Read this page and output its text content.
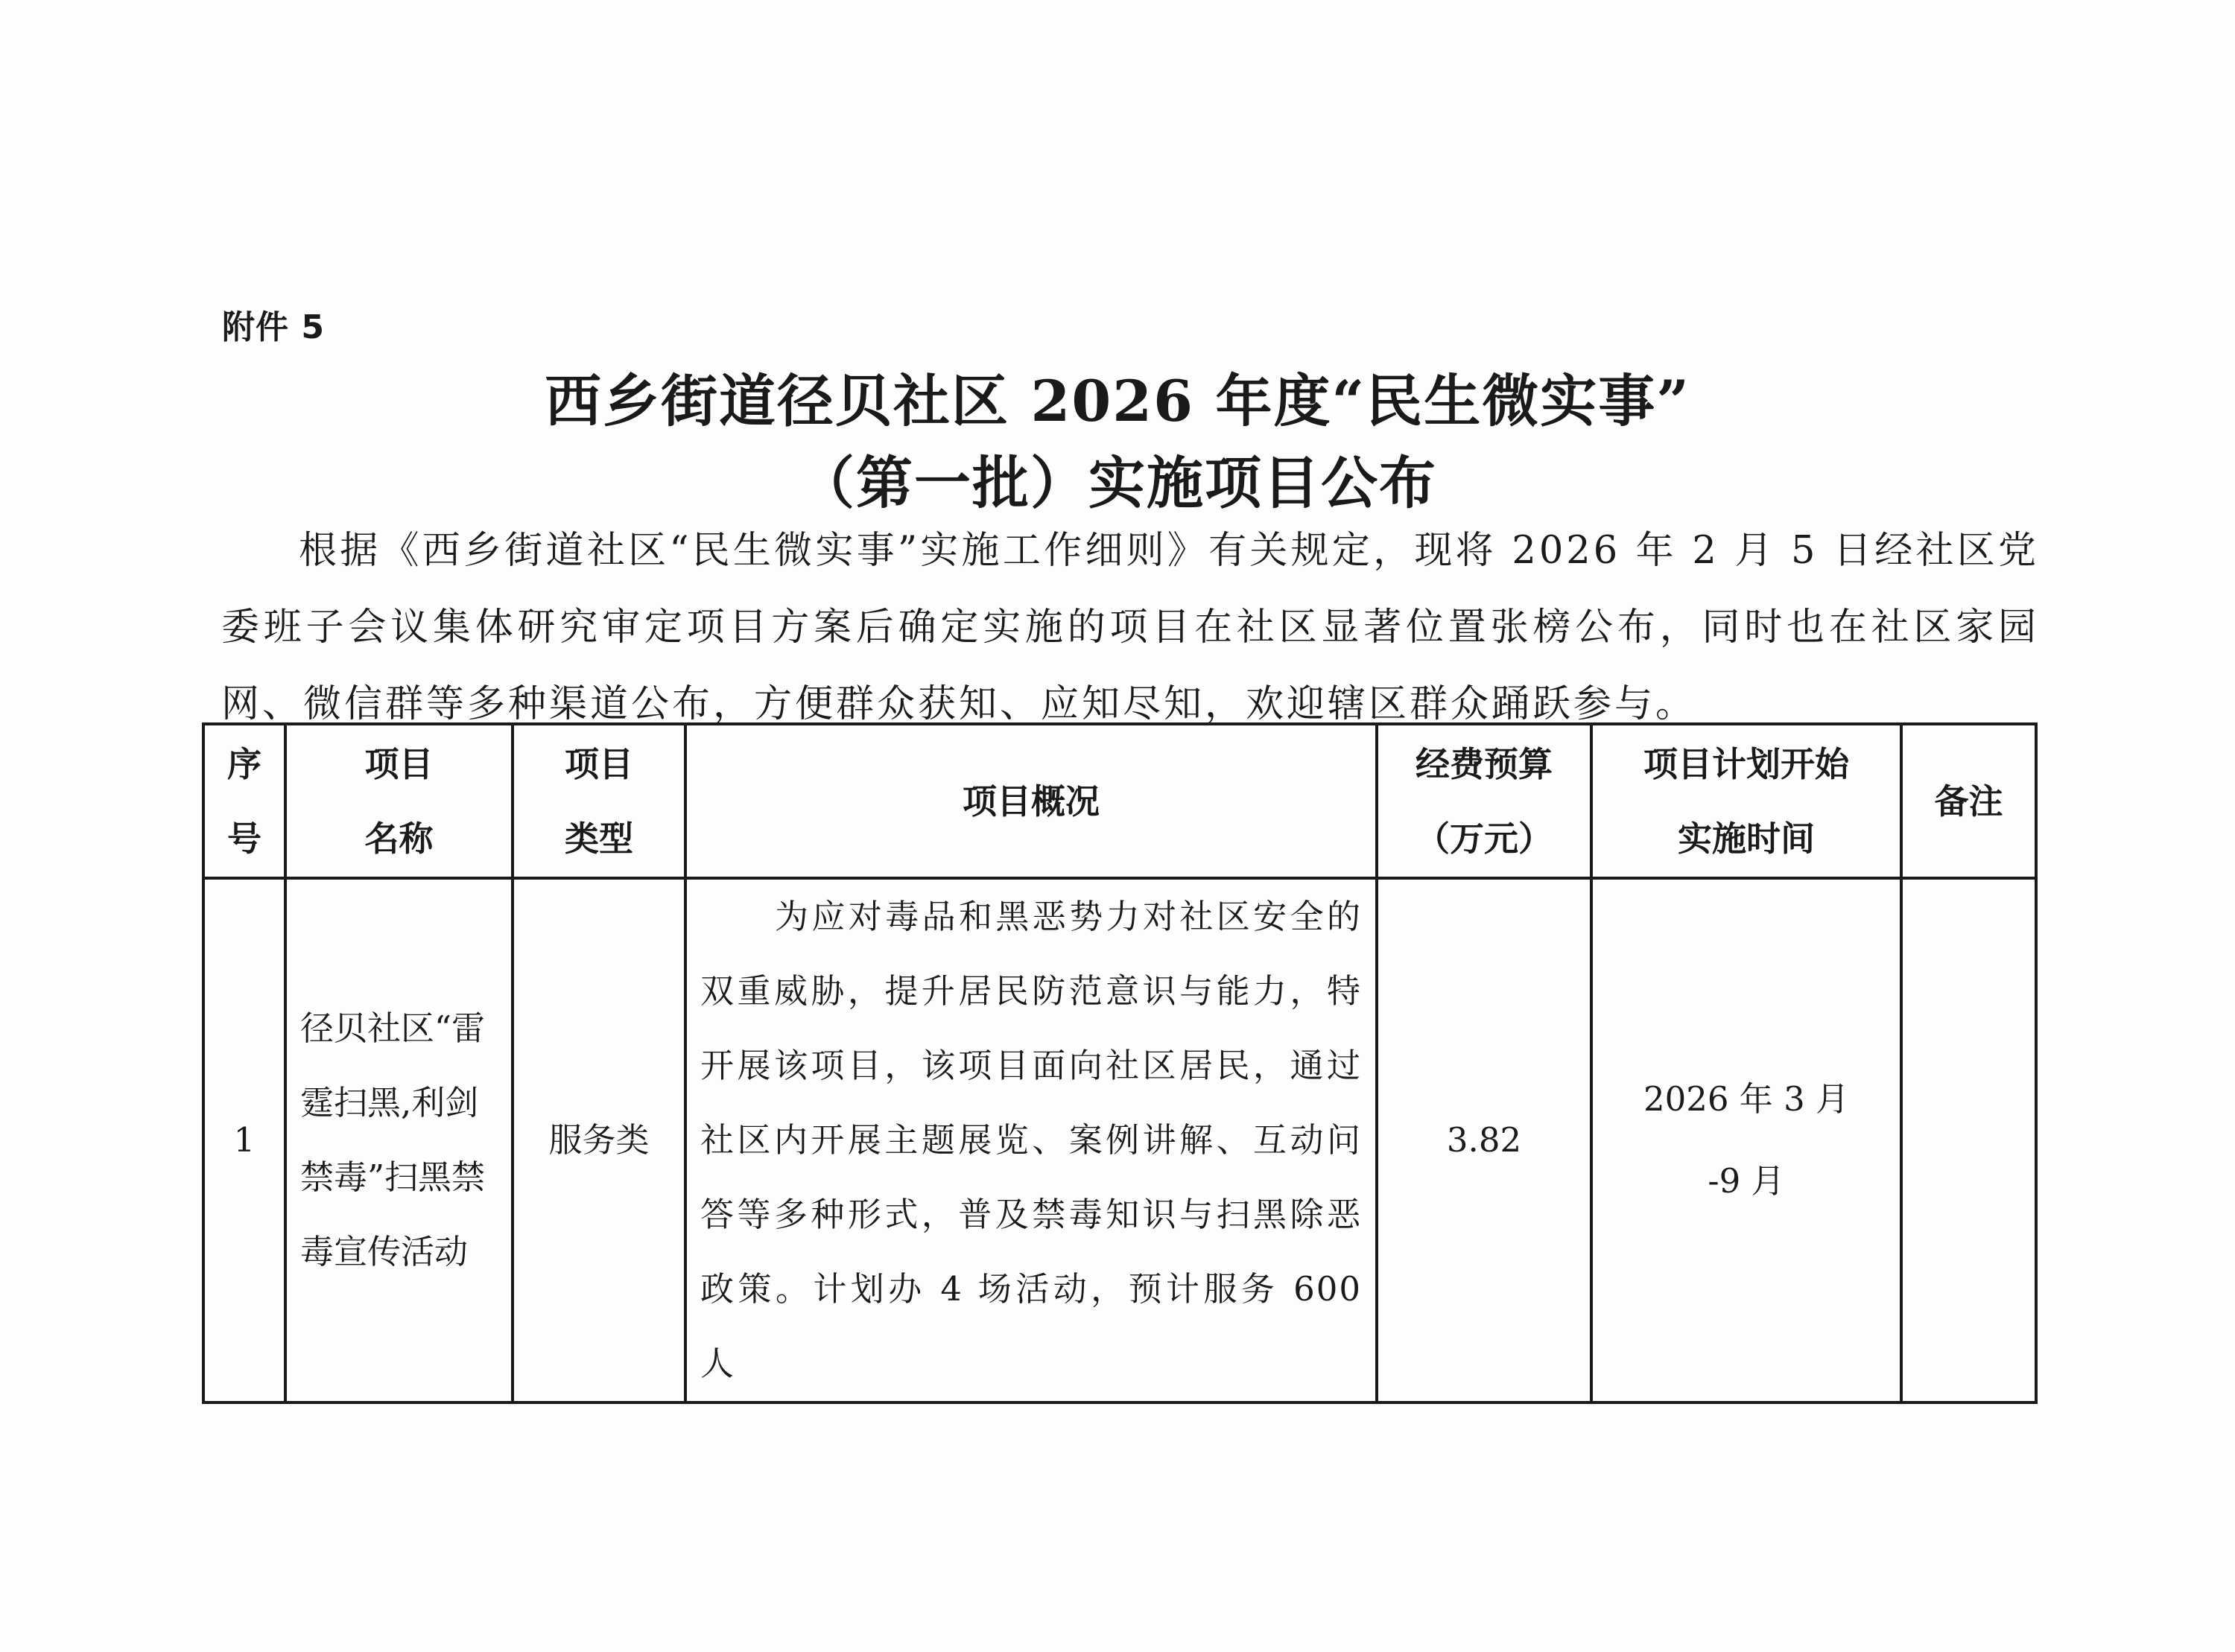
附件 5
西乡街道径贝社区 2026 年度“民生微实事”
（第一批）实施项目公布
根据《西乡街道社区“民生微实事”实施工作细则》有关规定，现将 2026 年 2 月 5 日经社区党委班子会议集体研究审定项目方案后确定实施的项目在社区显著位置张榜公布，同时也在社区家园网、微信群等多种渠道公布，方便群众获知、应知尽知，欢迎辖区群众踊跃参与。
序号	项目名称	项目类型	项目概况	经费预算（万元）	项目计划开始实施时间	备注
1	径贝社区“雷霆扫黑,利剑禁毒”扫黑禁毒宣传活动	服务类	为应对毒品和黑恶势力对社区安全的双重威胁，提升居民防范意识与能力，特开展该项目，该项目面向社区居民，通过社区内开展主题展览、案例讲解、互动问答等多种形式，普及禁毒知识与扫黑除恶政策。计划办 4 场活动，预计服务 600 人	3.82	2026 年 3 月
-9 月	
